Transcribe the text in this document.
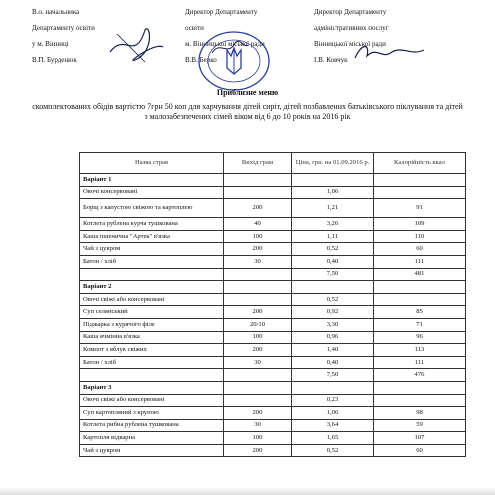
В.о. начальника
Департаменту освіти
у м. Вінниці
В.П. Бурденюк
Директор Департаменту
освіти
м. Вінницької міської ради
В.В. Берко
Директор Департаменту
адміністративних послуг
Вінницької міської ради
І.В. Ковчук
Приблизне меню
скомплектованих обідів вартістю 7грн 50 коп для харчування дітей сиріт, дітей позбавлених батьківського піклування та дітей з малозабезпечених сімей віком від 6 до 10 років на 2016 рік
Назва страв	Вихід грам	Ціна, грн. на 01.09.2016 р.	Калорійність ккал
Варіант 1			
Овочі консервовані		1,06	
Борщ з капустою свіжою та картоплею	200	1,21	91
Котлета рублена курча тушкована	40	3,26	109
Каша пшенична "Артек" в'язка	100	1,11	110
Чай з цукром	200	0,52	60
Батон / хліб	30	0,40	111
		7,50	481
Варіант 2			
Овочі свіжі або консервовані		0,52	
Суп селянський	200	0,92	85
Піджарка з курячого філе	20/10	3,30	71
Каша ячмінна в'язка	100	0,96	96
Компот з яблук свіжих	200	1,40	113
Батон / хліб	30	0,40	111
		7,50	476
Варіант 3			
Овочі свіжі або консервовані		0,23	
Суп картопляний з крупою	200	1,06	98
Котлета рибна рублена тушкована	30	3,64	59
Картопля відварна	100	1,65	107
Чай з цукром	200	0,52	60
